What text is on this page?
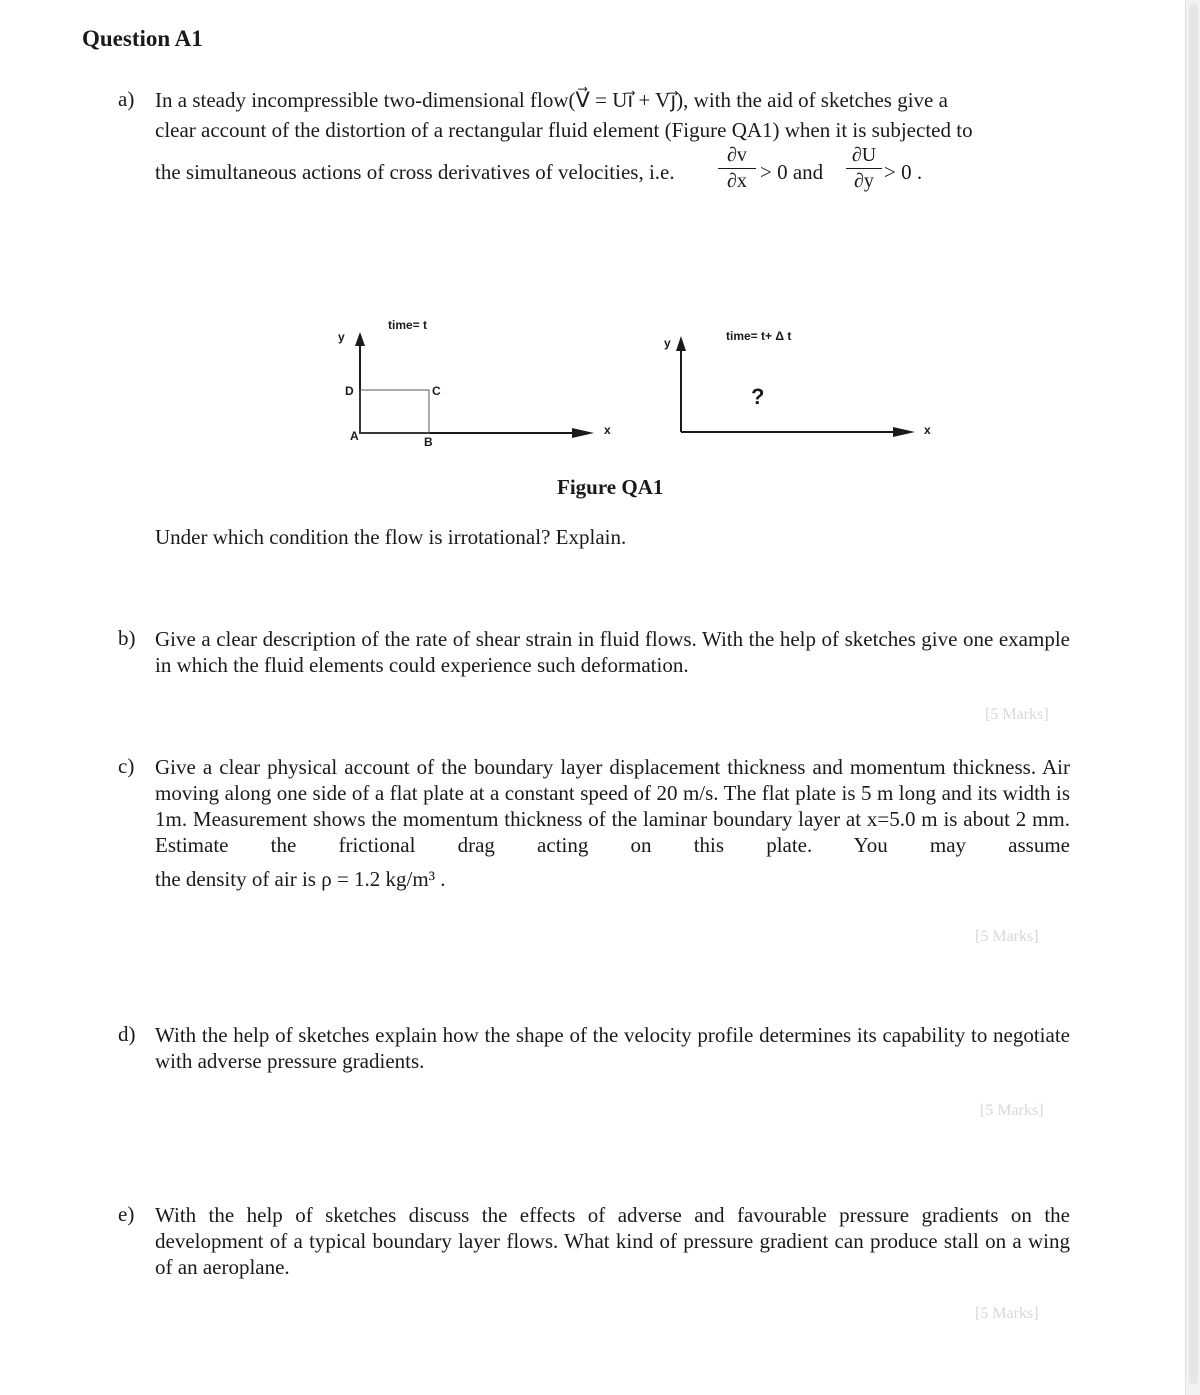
Question A1
a) In a steady incompressible two-dimensional flow(V⃗ = Ui⃗ + Vj⃗), with the aid of sketches give a
clear account of the distortion of a rectangular fluid element (Figure QA1) when it is subjected to
the simultaneous actions of cross derivatives of velocities, i.e.
∂v
∂x > 0 and
∂U
∂y > 0 .
time= t
y
D	C
A	B
x
time= t+ Δ t
y
?
x
Figure QA1
Under which condition the flow is irrotational? Explain.
b) Give a clear description of the rate of shear strain in fluid flows. With the help of sketches give one example in which the fluid elements could experience such deformation.
[5 Marks]
c) Give a clear physical account of the boundary layer displacement thickness and momentum thickness. Air moving along one side of a flat plate at a constant speed of 20 m/s. The flat plate is 5 m long and its width is 1m. Measurement shows the momentum thickness of the laminar boundary layer at x=5.0 m is about 2 mm. Estimate the frictional drag acting on this plate. You may assume
the density of air is ρ = 1.2 kg/m³ .
[5 Marks]
d) With the help of sketches explain how the shape of the velocity profile determines its capability to negotiate with adverse pressure gradients.
[5 Marks]
e) With the help of sketches discuss the effects of adverse and favourable pressure gradients on the development of a typical boundary layer flows. What kind of pressure gradient can produce stall on a wing of an aeroplane.
[5 Marks]
